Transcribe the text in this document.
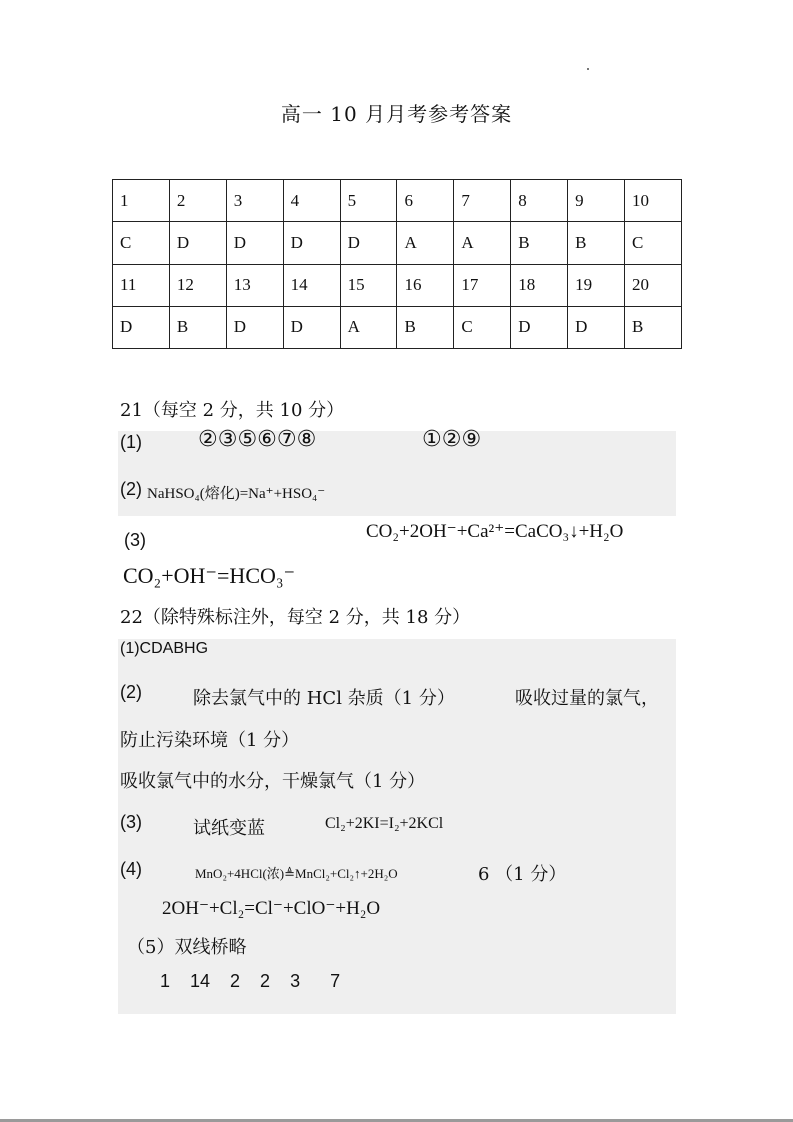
高一 10 月月考参考答案
1	2	3	4	5	6	7	8	9	10
C	D	D	D	D	A	A	B	B	C
11	12	13	14	15	16	17	18	19	20
D	B	D	D	A	B	C	D	D	B
21（每空 2 分，共 10 分）
(1)	②③⑤⑥⑦⑧	①②⑨
(2) NaHSO₄(熔化)=Na⁺+HSO₄⁻
(3)	CO₂+2OH⁻+Ca²⁺=CaCO₃↓+H₂O
CO₂+OH⁻=HCO₃⁻
22（除特殊标注外，每空 2 分，共 18 分）
(1)CDABHG
(2)	除去氯气中的 HCl 杂质（1 分）	吸收过量的氯气，
防止污染环境（1 分）
吸收氯气中的水分，干燥氯气（1 分）
(3)	试纸变蓝	Cl₂+2KI=I₂+2KCl
(4)	MnO₂+4HCl(浓)≜MnCl₂+Cl₂↑+2H₂O	6 （1 分）
2OH⁻+Cl₂=Cl⁻+ClO⁻+H₂O
（5）双线桥略
1    14    2    2    3      7
